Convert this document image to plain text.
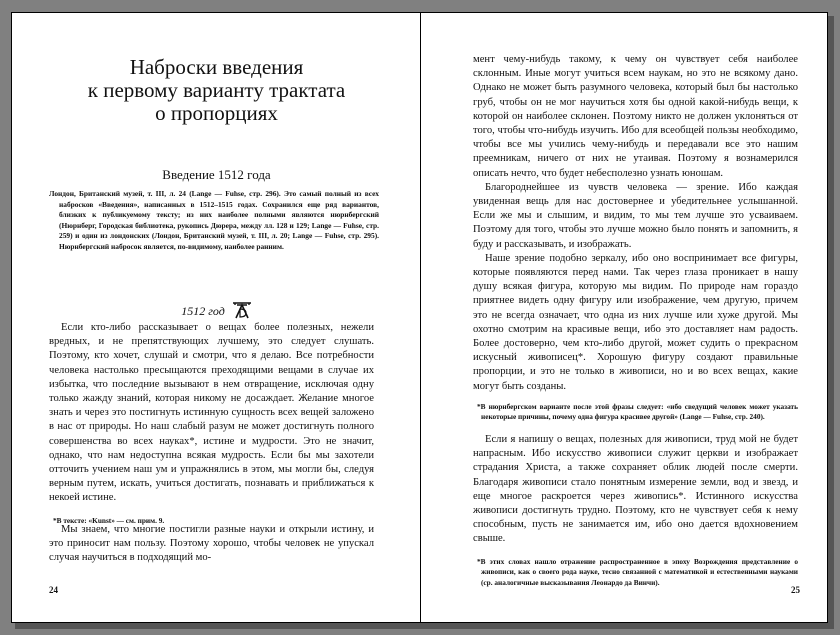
Наброски введения
к первому варианту трактата
о пропорциях
Введение 1512 года
Лондон, Британский музей, т. III, л. 24 (Lange — Fuhse, стр. 296). Это самый полный из всех набросков «Введения», написанных в 1512–1515 годах. Сохранился еще ряд вариантов, близких к публикуемому тексту; из них наиболее полными являются нюрнбергский (Нюрнберг, Городская библиотека, рукопись Дюрера, между лл. 128 и 129; Lange — Fuhse, стр. 259) и один из лондонских (Лондон, Британский музей, т. III, л. 20; Lange — Fuhse, стр. 295). Нюрнбергский набросок является, по-видимому, наиболее ранним.
1512 год

Если кто-либо рассказывает о вещах более полезных, нежели вредных, и не препятствующих лучшему, это следует слушать. Поэтому, кто хочет, слушай и смотри, что я делаю. Все потребности человека настолько пресыщаются преходящими вещами в случае их избытка, что последние вызывают в нем отвращение, исключая одну только жажду знаний, которая никому не досаждает. Желание многое знать и через это постигнуть истинную сущность всех вещей заложено в нас от природы. Но наш слабый разум не может достигнуть полного совершенства во всех науках*, истине и мудрости. Это не значит, однако, что нам недоступна всякая мудрость. Если бы мы захотели отточить учением наш ум и упражнялись в этом, мы могли бы, следуя верным путем, искать, учиться достигать, познавать и приближаться к некоей истине.

*В тексте: «Kunst» — см. прим. 9.

Мы знаем, что многие постигли разные науки и открыли истину, и это приносит нам пользу. Поэтому хорошо, чтобы человек не упускал случая научиться в подходящий мо-

24

мент чему-нибудь такому, к чему он чувствует себя наиболее склонным. Иные могут учиться всем наукам, но это не всякому дано. Однако не может быть разумного человека, который был бы настолько груб, чтобы он не мог научиться хотя бы одной какой-нибудь вещи, к которой он наиболее склонен. Поэтому никто не должен уклоняться от того, чтобы что-нибудь изучить. Ибо для всеобщей пользы необходимо, чтобы все мы учились чему-нибудь и передавали все это нашим преемникам, ничего от них не утаивая. Поэтому я вознамерился описать нечто, что будет небесполезно узнать юношам.

Благороднейшее из чувств человека — зрение. Ибо каждая увиденная вещь для нас достовернее и убедительнее услышанной. Если же мы и слышим, и видим, то мы тем лучше это усваиваем. Поэтому для того, чтобы это лучше можно было понять и запомнить, я буду и рассказывать, и изображать.

Наше зрение подобно зеркалу, ибо оно воспринимает все фигуры, которые появляются перед нами. Так через глаза проникает в нашу душу всякая фигура, которую мы видим. По природе нам гораздо приятнее видеть одну фигуру или изображение, чем другую, причем это не всегда означает, что одна из них лучше или хуже другой. Мы охотно смотрим на красивые вещи, ибо это доставляет нам радость. Более достоверно, чем кто-либо другой, может судить о прекрасном искусный живописец*. Хорошую фигуру создают правильные пропорции, и это не только в живописи, но и во всех вещах, какие могут быть созданы.

*В нюрнбергском варианте после этой фразы следует: «ибо сведущий человек может указать некоторые причины, почему одна фигура красивее другой» (Lange — Fuhse, стр. 240).

Если я напишу о вещах, полезных для живописи, труд мой не будет напрасным. Ибо искусство живописи служит церкви и изображает страдания Христа, а также сохраняет облик людей после смерти. Благодаря живописи стало понятным измерение земли, вод и звезд, и еще многое раскроется через живопись*. Истинного искусства живописи достигнуть трудно. Поэтому, кто не чувствует себя к нему способным, пусть не занимается им, ибо оно дается вдохновением свыше.

*В этих словах нашло отражение распространенное в эпоху Возрождения представление о живописи, как о своего рода науке, тесно связанной с математикой и естественными науками (ср. аналогичные высказывания Леонардо да Винчи).

25
